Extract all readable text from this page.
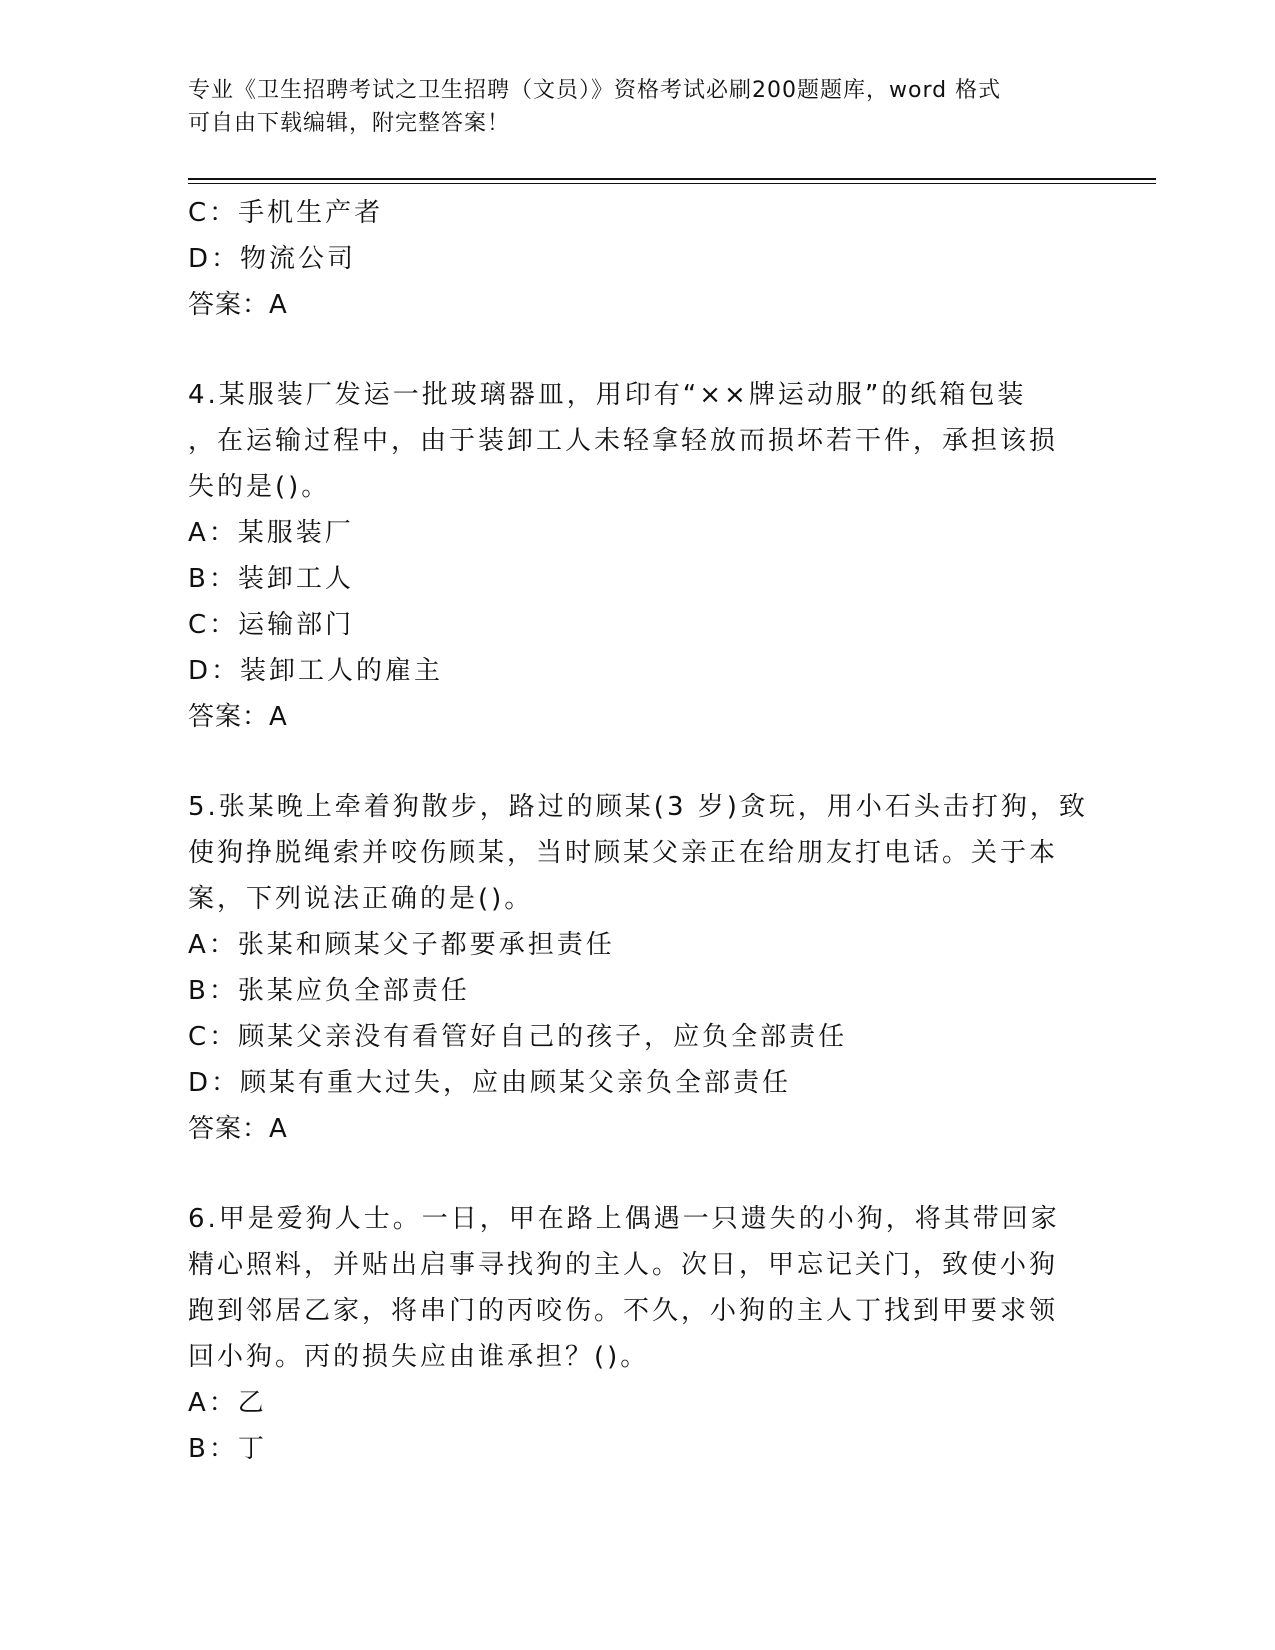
专业《卫生招聘考试之卫生招聘（文员）》资格考试必刷200题题库，word 格式
可自由下载编辑，附完整答案！
C：手机生产者
D：物流公司
答案：A
4.某服装厂发运一批玻璃器皿，用印有“××牌运动服”的纸箱包装
，在运输过程中，由于装卸工人未轻拿轻放而损坏若干件，承担该损
失的是()。
A：某服装厂
B：装卸工人
C：运输部门
D：装卸工人的雇主
答案：A
5.张某晚上牵着狗散步，路过的顾某(3 岁)贪玩，用小石头击打狗，致
使狗挣脱绳索并咬伤顾某，当时顾某父亲正在给朋友打电话。关于本
案，下列说法正确的是()。
A：张某和顾某父子都要承担责任
B：张某应负全部责任
C：顾某父亲没有看管好自己的孩子，应负全部责任
D：顾某有重大过失，应由顾某父亲负全部责任
答案：A
6.甲是爱狗人士。一日，甲在路上偶遇一只遗失的小狗，将其带回家
精心照料，并贴出启事寻找狗的主人。次日，甲忘记关门，致使小狗
跑到邻居乙家，将串门的丙咬伤。不久，小狗的主人丁找到甲要求领
回小狗。丙的损失应由谁承担？()。
A：乙
B：丁
